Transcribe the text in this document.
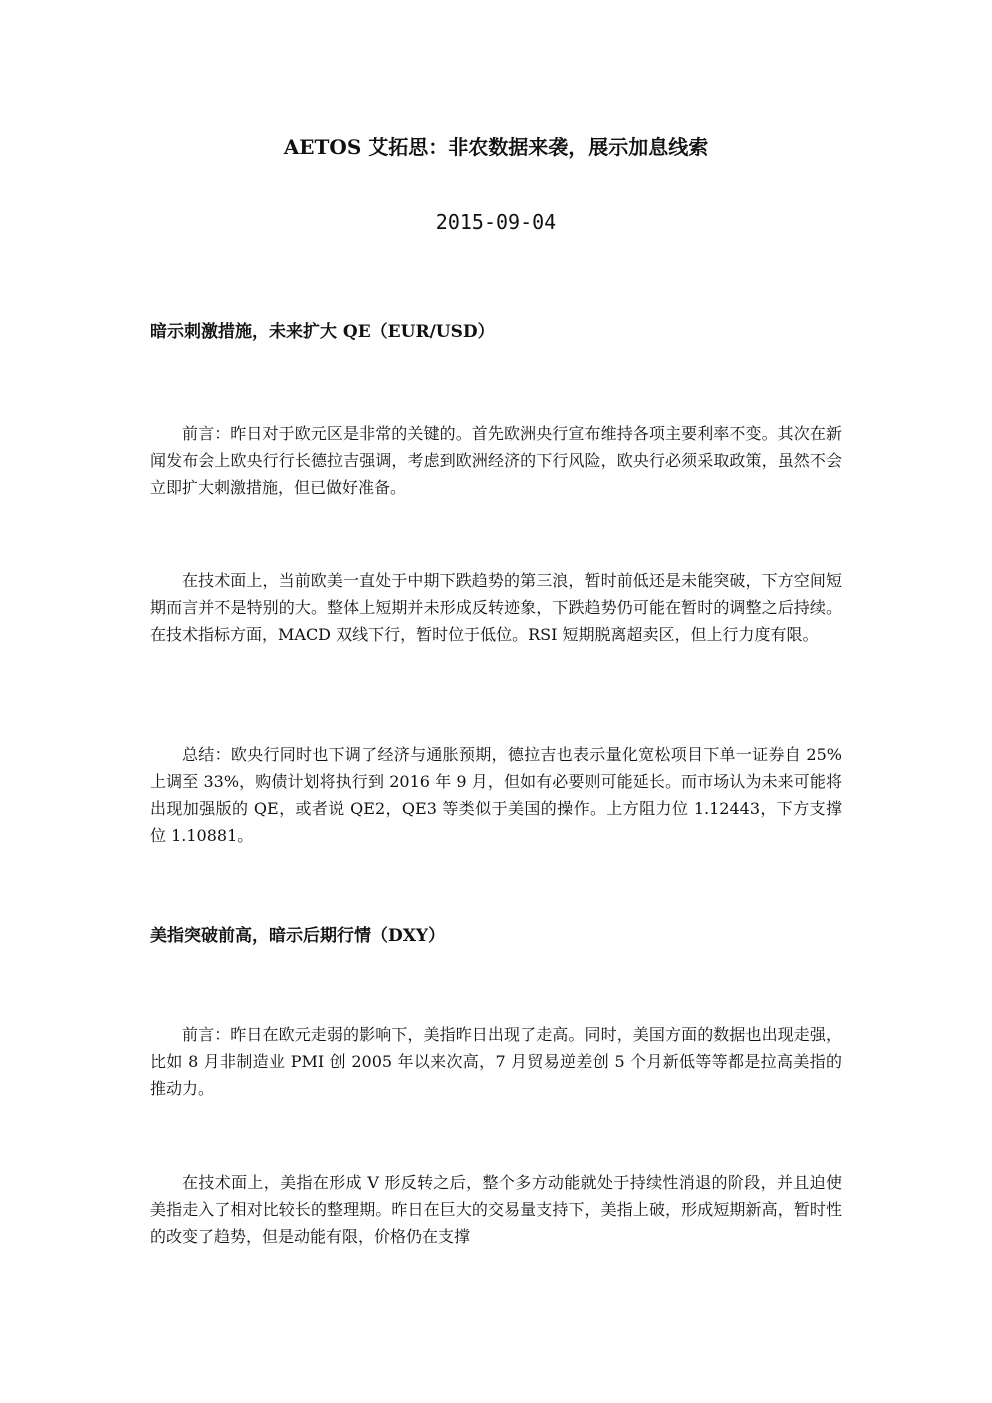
AETOS 艾拓思：非农数据来袭，展示加息线索
2015-09-04
暗示刺激措施，未来扩大 QE（EUR/USD）

前言：昨日对于欧元区是非常的关键的。首先欧洲央行宣布维持各项主要利率不变。其次在新闻发布会上欧央行行长德拉吉强调，考虑到欧洲经济的下行风险，欧央行必须采取政策，虽然不会立即扩大刺激措施，但已做好准备。

在技术面上，当前欧美一直处于中期下跌趋势的第三浪，暂时前低还是未能突破，下方空间短期而言并不是特别的大。整体上短期并未形成反转迹象，下跌趋势仍可能在暂时的调整之后持续。在技术指标方面，MACD 双线下行，暂时位于低位。RSI 短期脱离超卖区，但上行力度有限。

总结：欧央行同时也下调了经济与通胀预期，德拉吉也表示量化宽松项目下单一证券自 25%上调至 33%，购债计划将执行到 2016 年 9 月，但如有必要则可能延长。而市场认为未来可能将出现加强版的 QE，或者说 QE2，QE3 等类似于美国的操作。上方阻力位 1.12443，下方支撑位 1.10881。

美指突破前高，暗示后期行情（DXY）

前言：昨日在欧元走弱的影响下，美指昨日出现了走高。同时，美国方面的数据也出现走强，比如 8 月非制造业 PMI 创 2005 年以来次高，7 月贸易逆差创 5 个月新低等等都是拉高美指的推动力。

在技术面上，美指在形成 V 形反转之后，整个多方动能就处于持续性消退的阶段，并且迫使美指走入了相对比较长的整理期。昨日在巨大的交易量支持下，美指上破，形成短期新高，暂时性的改变了趋势，但是动能有限，价格仍在支撑
